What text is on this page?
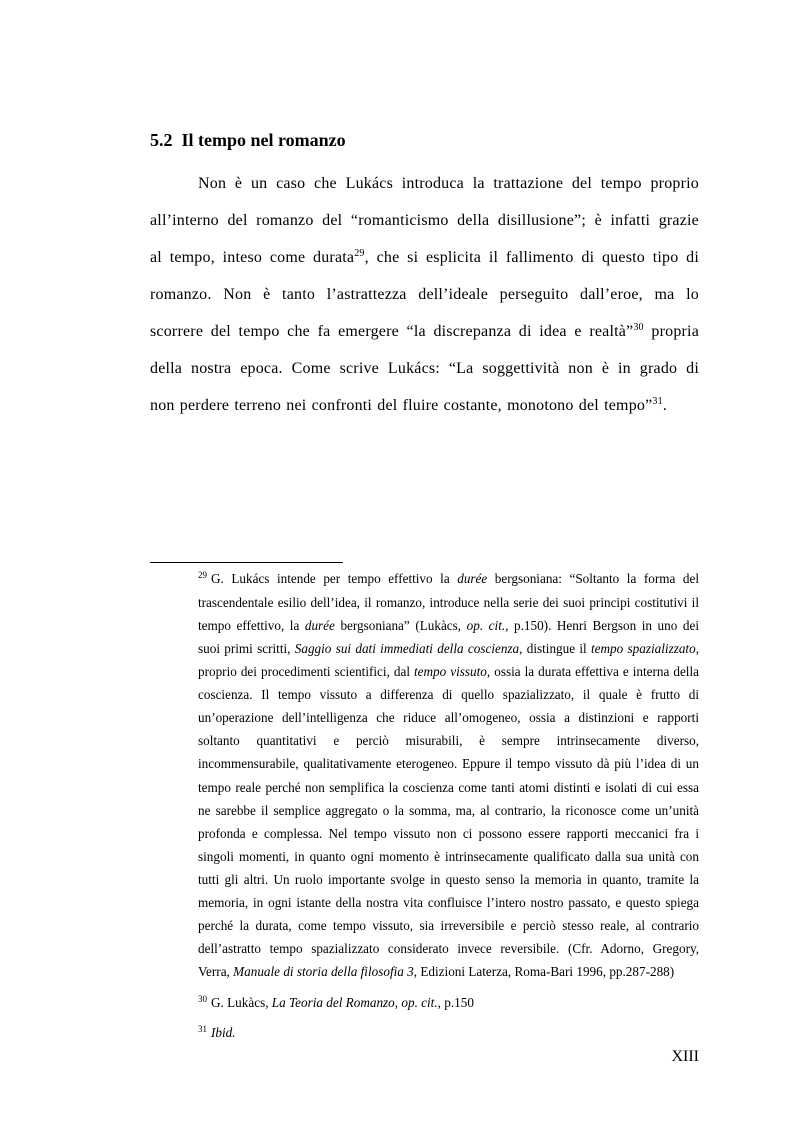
5.2 Il tempo nel romanzo
Non è un caso che Lukács introduca la trattazione del tempo proprio
all’interno del romanzo del “romanticismo della disillusione”; è infatti grazie
al tempo, inteso come durata$^{29}$, che si esplicita il fallimento di questo tipo di
romanzo. Non è tanto l’astrattezza dell’ideale perseguito dall’eroe, ma lo
scorrere del tempo che fa emergere “la discrepanza di idea e realtà”$^{30}$ propria
della nostra epoca. Come scrive Lukács: “La soggettività non è in grado di
non perdere terreno nei confronti del fluire costante, monotono del tempo”$^{31}$.
$^{29}$ G. Lukács intende per tempo effettivo la durée bergsoniana: “Soltanto la forma del
trascendentale esilio dell’idea, il romanzo, introduce nella serie dei suoi principi costitutivi il
tempo effettivo, la durée bergsoniana” (Lukàcs, op. cit., p.150). Henri Bergson in uno dei
suoi primi scritti, Saggio sui dati immediati della coscienza, distingue il tempo spazializzato,
proprio dei procedimenti scientifici, dal tempo vissuto, ossia la durata effettiva e interna della
coscienza. Il tempo vissuto a differenza di quello spazializzato, il quale è frutto di
un’operazione dell’intelligenza che riduce all’omogeneo, ossia a distinzioni e rapporti
soltanto quantitativi e perciò misurabili, è sempre intrinsecamente diverso,
incommensurabile, qualitativamente eterogeneo. Eppure il tempo vissuto dà più l’idea di un
tempo reale perché non semplifica la coscienza come tanti atomi distinti e isolati di cui essa
ne sarebbe il semplice aggregato o la somma, ma, al contrario, la riconosce come un’unità
profonda e complessa. Nel tempo vissuto non ci possono essere rapporti meccanici fra i
singoli momenti, in quanto ogni momento è intrinsecamente qualificato dalla sua unità con
tutti gli altri. Un ruolo importante svolge in questo senso la memoria in quanto, tramite la
memoria, in ogni istante della nostra vita confluisce l’intero nostro passato, e questo spiega
perché la durata, come tempo vissuto, sia irreversibile e perciò stesso reale, al contrario
dell’astratto tempo spazializzato considerato invece reversibile. (Cfr. Adorno, Gregory,
Verra, Manuale di storia della filosofia 3, Edizioni Laterza, Roma-Bari 1996, pp.287-288)
$^{30}$ G. Lukàcs, La Teoria del Romanzo, op. cit., p.150
$^{31}$ Ibid.
XIII
